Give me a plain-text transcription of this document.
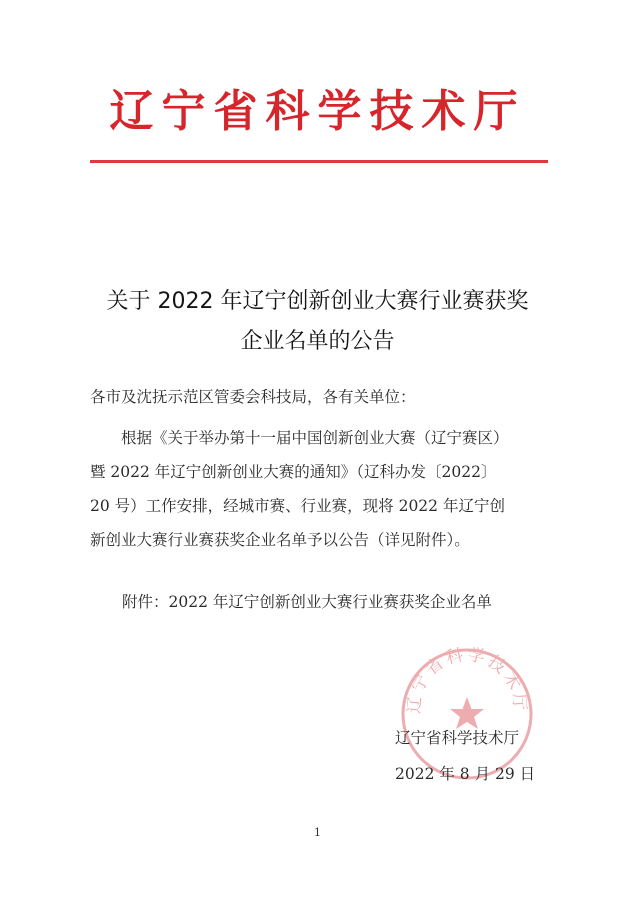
辽宁省科学技术厅
关于 2022 年辽宁创新创业大赛行业赛获奖
企业名单的公告
各市及沈抚示范区管委会科技局，各有关单位：
根据《关于举办第十一届中国创新创业大赛（辽宁赛区）
暨 2022 年辽宁创新创业大赛的通知》（辽科办发〔2022〕
20 号）工作安排，经城市赛、行业赛，现将 2022 年辽宁创
新创业大赛行业赛获奖企业名单予以公告（详见附件）。
附件：2022 年辽宁创新创业大赛行业赛获奖企业名单
辽宁省科学技术厅
辽宁省科学技术厅
2022 年 8 月 29 日
1
